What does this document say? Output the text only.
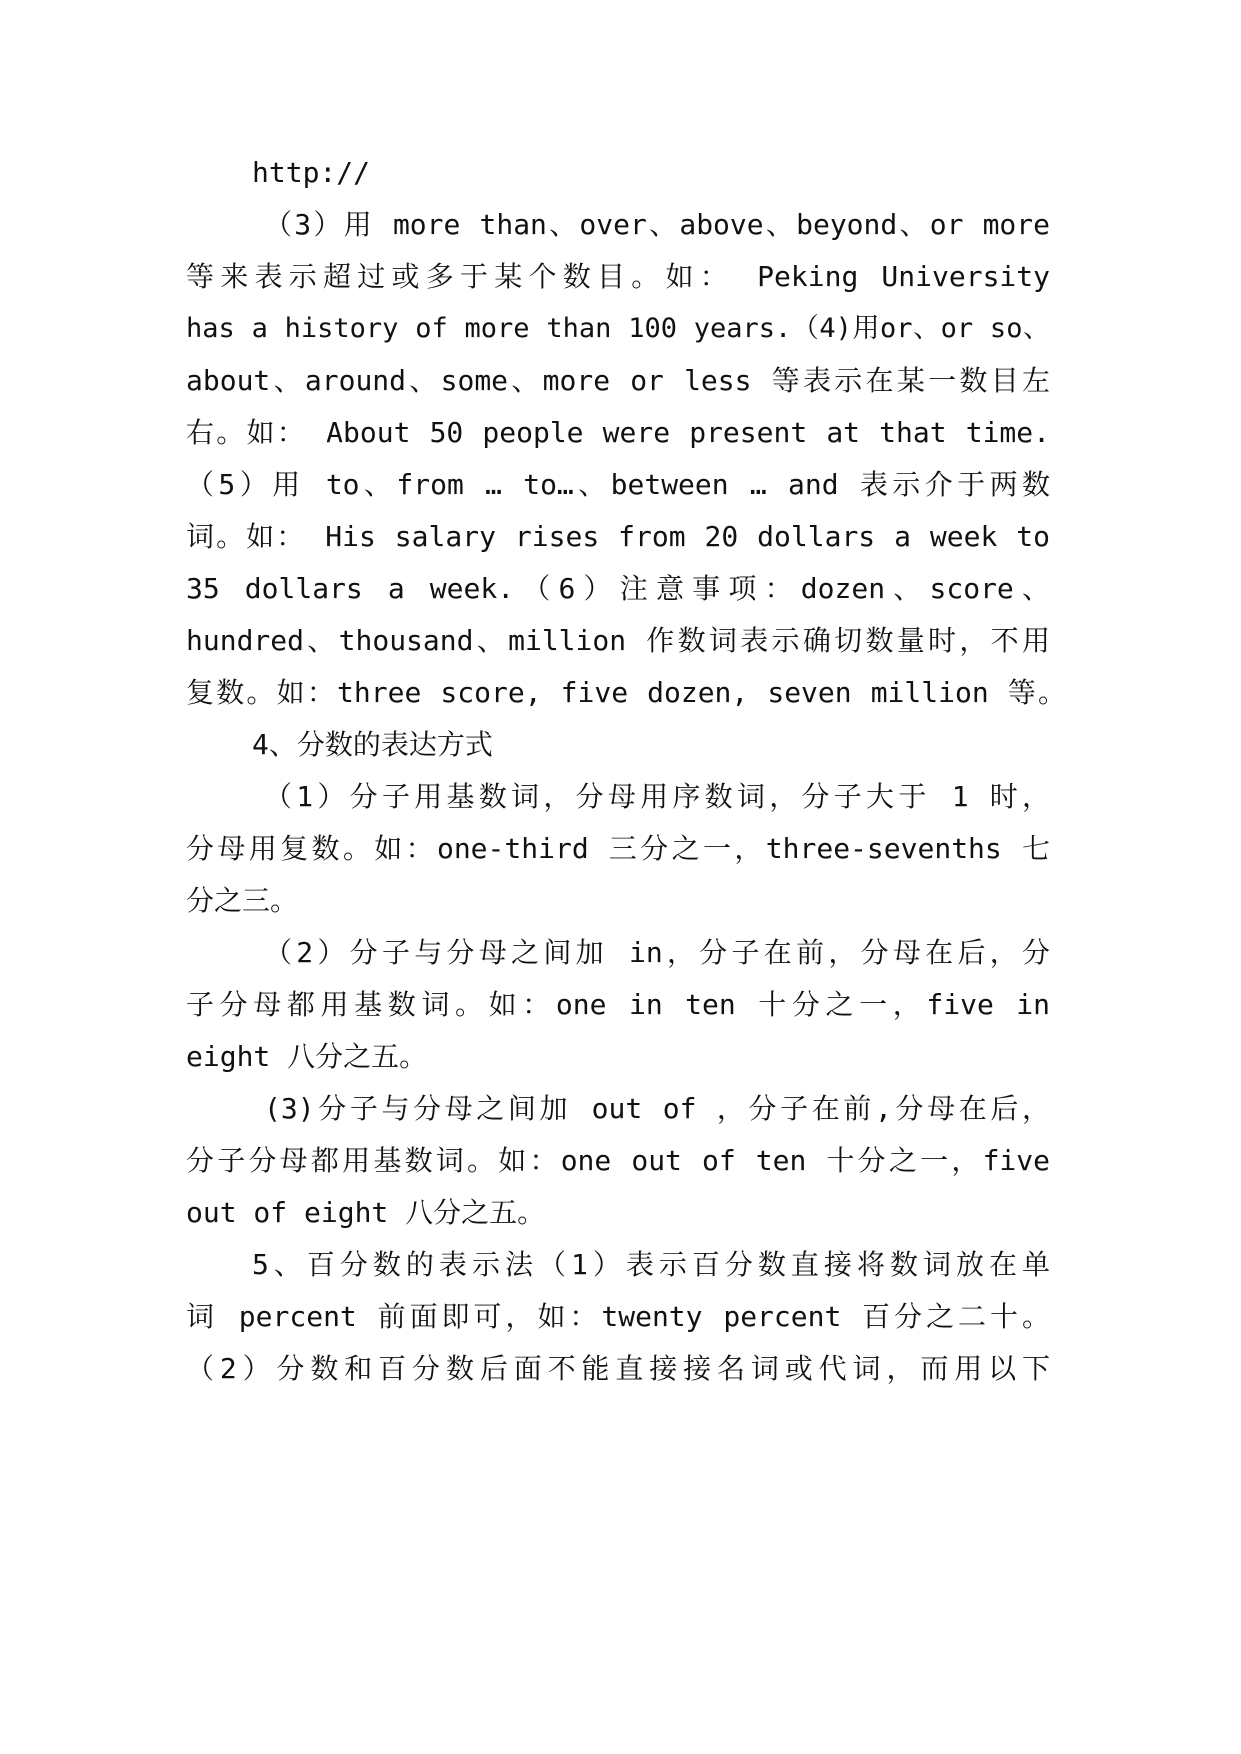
http://
（3）用 more than、over、above、beyond、or more
等来表示超过或多于某个数目。如： Peking University
has a history of more than 100 years.（4)用or、or so、
about、around、some、more or less 等表示在某一数目左
右。如： About 50 people were present at that time.
（5）用 to、from … to…、between … and 表示介于两数
词。如： His salary rises from 20 dollars a week to
35 dollars a week.（6）注意事项：dozen、score、
hundred、thousand、million 作数词表示确切数量时，不用
复数。如：three score, five dozen, seven million 等。
4、分数的表达方式
（1）分子用基数词，分母用序数词，分子大于 1 时，
分母用复数。如：one-third 三分之一，three-sevenths 七
分之三。
（2）分子与分母之间加 in，分子在前，分母在后，分
子分母都用基数词。如：one in ten 十分之一，five in
eight 八分之五。
(3)分子与分母之间加 out of ，分子在前,分母在后，
分子分母都用基数词。如：one out of ten 十分之一，five
out of eight 八分之五。
5、百分数的表示法（1）表示百分数直接将数词放在单
词 percent 前面即可，如：twenty percent 百分之二十。
（2）分数和百分数后面不能直接接名词或代词，而用以下
